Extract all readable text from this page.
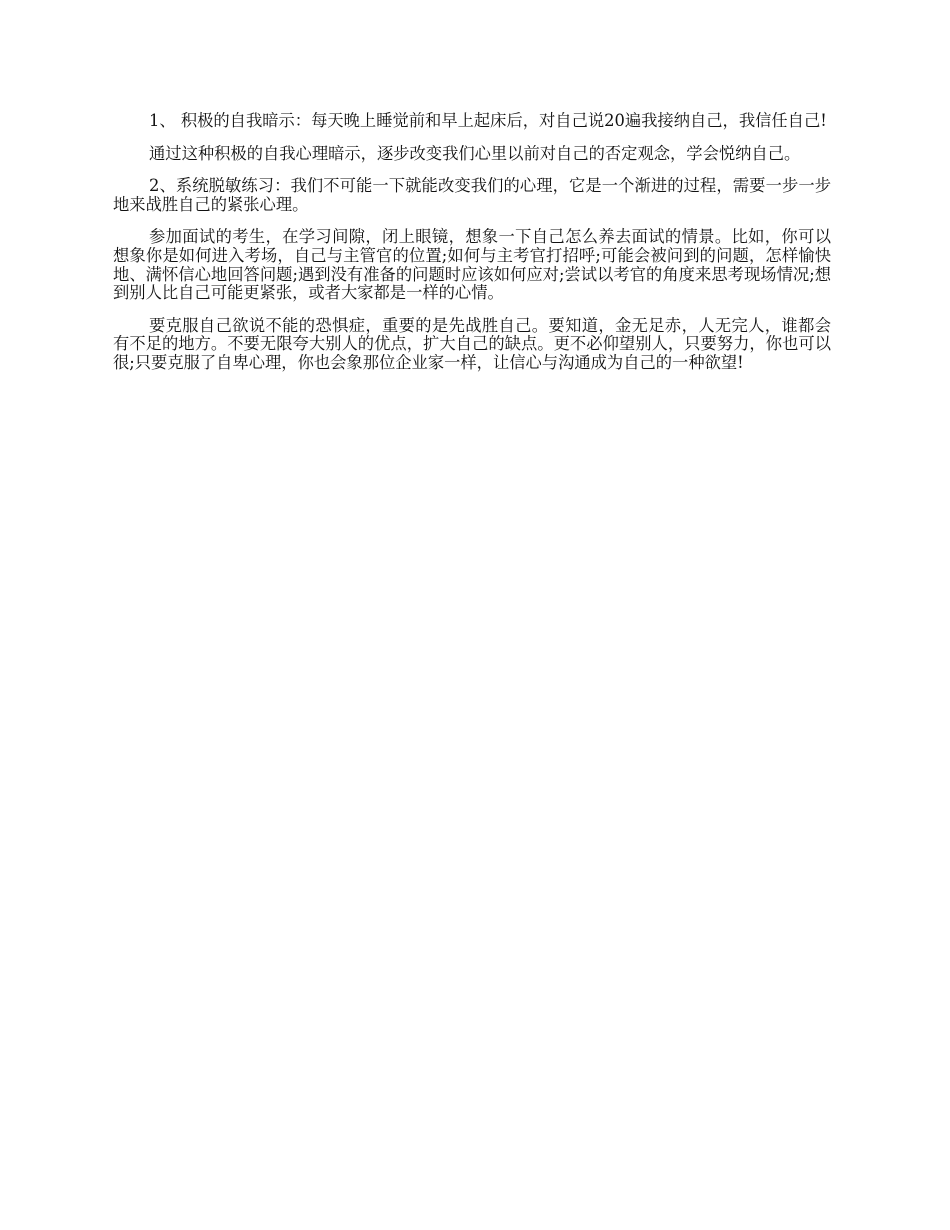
1、 积极的自我暗示：每天晚上睡觉前和早上起床后，对自己说20遍我接纳自己，我信任自己!

通过这种积极的自我心理暗示，逐步改变我们心里以前对自己的否定观念，学会悦纳自己。

2、系统脱敏练习：我们不可能一下就能改变我们的心理，它是一个渐进的过程，需要一步一步地来战胜自己的紧张心理。

参加面试的考生，在学习间隙，闭上眼镜，想象一下自己怎么养去面试的情景。比如，你可以想象你是如何进入考场，自己与主管官的位置;如何与主考官打招呼;可能会被问到的问题，怎样愉快地、满怀信心地回答问题;遇到没有准备的问题时应该如何应对;尝试以考官的角度来思考现场情况;想到别人比自己可能更紧张，或者大家都是一样的心情。

要克服自己欲说不能的恐惧症，重要的是先战胜自己。要知道，金无足赤，人无完人，谁都会有不足的地方。不要无限夸大别人的优点，扩大自己的缺点。更不必仰望别人，只要努力，你也可以很;只要克服了自卑心理，你也会象那位企业家一样，让信心与沟通成为自己的一种欲望!
